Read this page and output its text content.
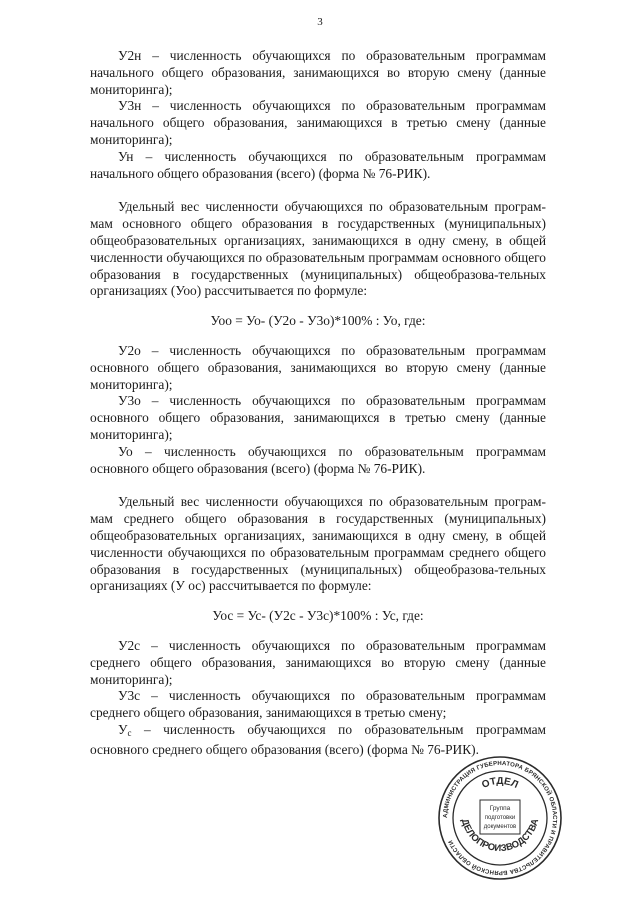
3

У2н – численность обучающихся по образовательным программам начального общего образования, занимающихся во вторую смену (данные мониторинга);

У3н – численность обучающихся по образовательным программам начального общего образования, занимающихся в третью смену (данные мониторинга);

Ун – численность обучающихся по образовательным программам начального общего образования (всего) (форма № 76-РИК).

Удельный вес численности обучающихся по образовательным програм-мам основного общего образования в государственных (муниципальных) общеобразовательных организациях, занимающихся в одну смену, в общей численности обучающихся по образовательным программам основного общего образования в государственных (муниципальных) общеобразова-тельных организациях (Уоо) рассчитывается по формуле:

Уоо = Уо- (У2о - У3о)*100% : Уо, где:

У2о – численность обучающихся по образовательным программам основного общего образования, занимающихся во вторую смену (данные мониторинга);

У3о – численность обучающихся по образовательным программам основного общего образования, занимающихся в третью смену (данные мониторинга);

Уо – численность обучающихся по образовательным программам основного общего образования (всего) (форма № 76-РИК).

Удельный вес численности обучающихся по образовательным програм-мам среднего общего образования в государственных (муниципальных) общеобразовательных организациях, занимающихся в одну смену, в общей численности обучающихся по образовательным программам среднего общего образования в государственных (муниципальных) общеобразова-тельных организациях (У ос) рассчитывается по формуле:

Уос = Ус- (У2с - У3с)*100% : Ус, где:

У2с – численность обучающихся по образовательным программам среднего общего образования, занимающихся во вторую смену (данные мониторинга);

У3с – численность обучающихся по образовательным программам среднего общего образования, занимающихся в третью смену;

$У_с$ – численность обучающихся по образовательным программам основного среднего общего образования (всего) (форма № 76-РИК).

АДМИНИСТРАЦИЯ ГУБЕРНАТОРА БРЯНСКОЙ ОБЛАСТИ И ПРАВИТЕЛЬСТВА БРЯНСКОЙ ОБЛАСТИ
ОТДЕЛ
ДЕЛОПРОИЗВОДСТВА
Группа
подготовки
документов
